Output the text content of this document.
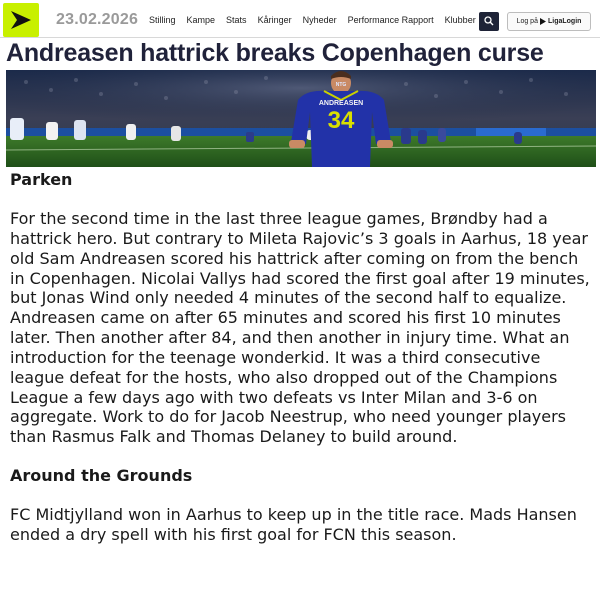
23.02.2026 Stilling Kampe Stats Kåringer Nyheder Performance Rapport Klubber	Log på LigaLogin
Andreasen hattrick breaks Copenhagen curse
NTG
ANDREASEN
34
Parken

For the second time in the last three league games, Brøndby had a hattrick hero. But contrary to Mileta Rajovic’s 3 goals in Aarhus, 18 year old Sam Andreasen scored his hattrick after coming on from the bench in Copenhagen. Nicolai Vallys had scored the first goal after 19 minutes, but Jonas Wind only needed 4 minutes of the second half to equalize. Andreasen came on after 65 minutes and scored his first 10 minutes later. Then another after 84, and then another in injury time. What an introduction for the teenage wonderkid. It was a third consecutive league defeat for the hosts, who also dropped out of the Champions League a few days ago with two defeats vs Inter Milan and 3-6 on aggregate. Work to do for Jacob Neestrup, who need younger players than Rasmus Falk and Thomas Delaney to build around.

Around the Grounds

FC Midtjylland won in Aarhus to keep up in the title race. Mads Hansen ended a dry spell with his first goal for FCN this season.
